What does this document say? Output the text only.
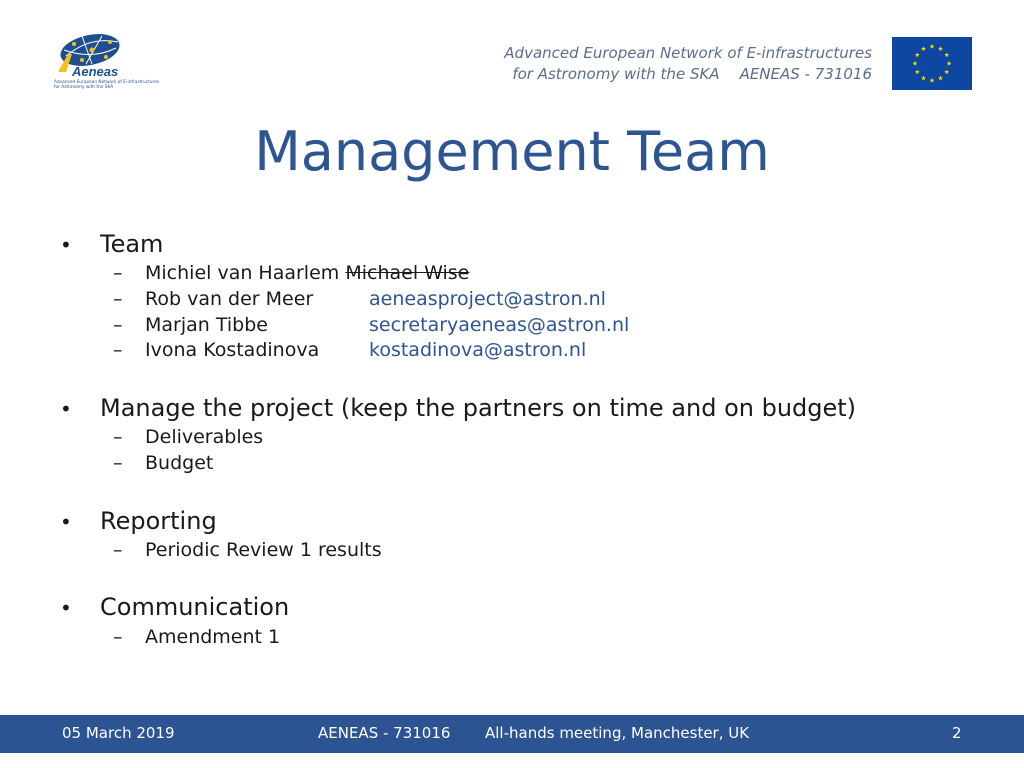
Aeneas
Advanced European Network of E-infrastructures
for Astronomy with the SKA
Advanced European Network of E-infrastructures
for Astronomy with the SKA AENEAS - 731016
Management Team
• Team
– Michiel van Haarlem Michael Wise
– Rob van der Meer	aeneasproject@astron.nl
– Marjan Tibbe	secretaryaeneas@astron.nl
– Ivona Kostadinova	kostadinova@astron.nl
• Manage the project (keep the partners on time and on budget)
– Deliverables
– Budget
• Reporting
– Periodic Review 1 results
• Communication
– Amendment 1
05 March 2019	AENEAS - 731016 All-hands meeting, Manchester, UK	2
